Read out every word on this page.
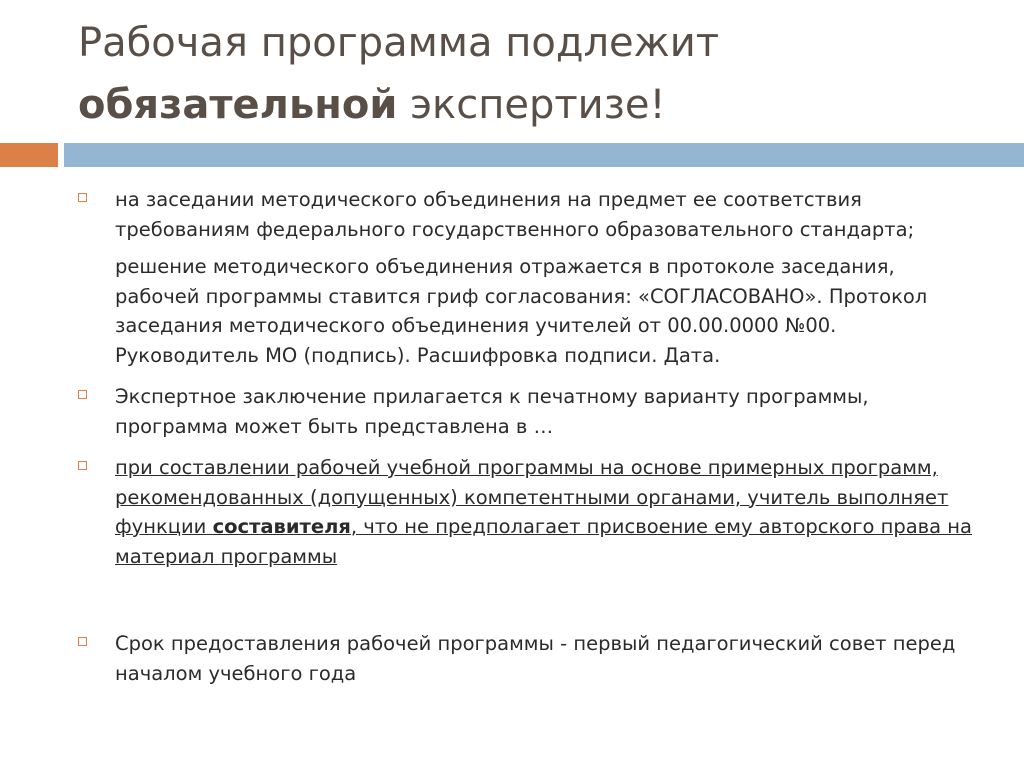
Рабочая программа подлежит
обязательной экспертизе!

на заседании методического объединения на предмет ее соответствия требованиям федерального государственного образовательного стандарта;

решение методического объединения отражается в протоколе заседания, рабочей программы ставится гриф согласования: «СОГЛАСОВАНО». Протокол заседания методического объединения учителей от 00.00.0000 №00. Руководитель МО (подпись). Расшифровка подписи. Дата.

Экспертное заключение прилагается к печатному варианту программы, программа может быть представлена в …

при составлении рабочей учебной программы на основе примерных программ, рекомендованных (допущенных) компетентными органами, учитель выполняет функции составителя, что не предполагает присвоение ему авторского права на материал программы

Срок предоставления рабочей программы - первый педагогический совет перед началом учебного года
